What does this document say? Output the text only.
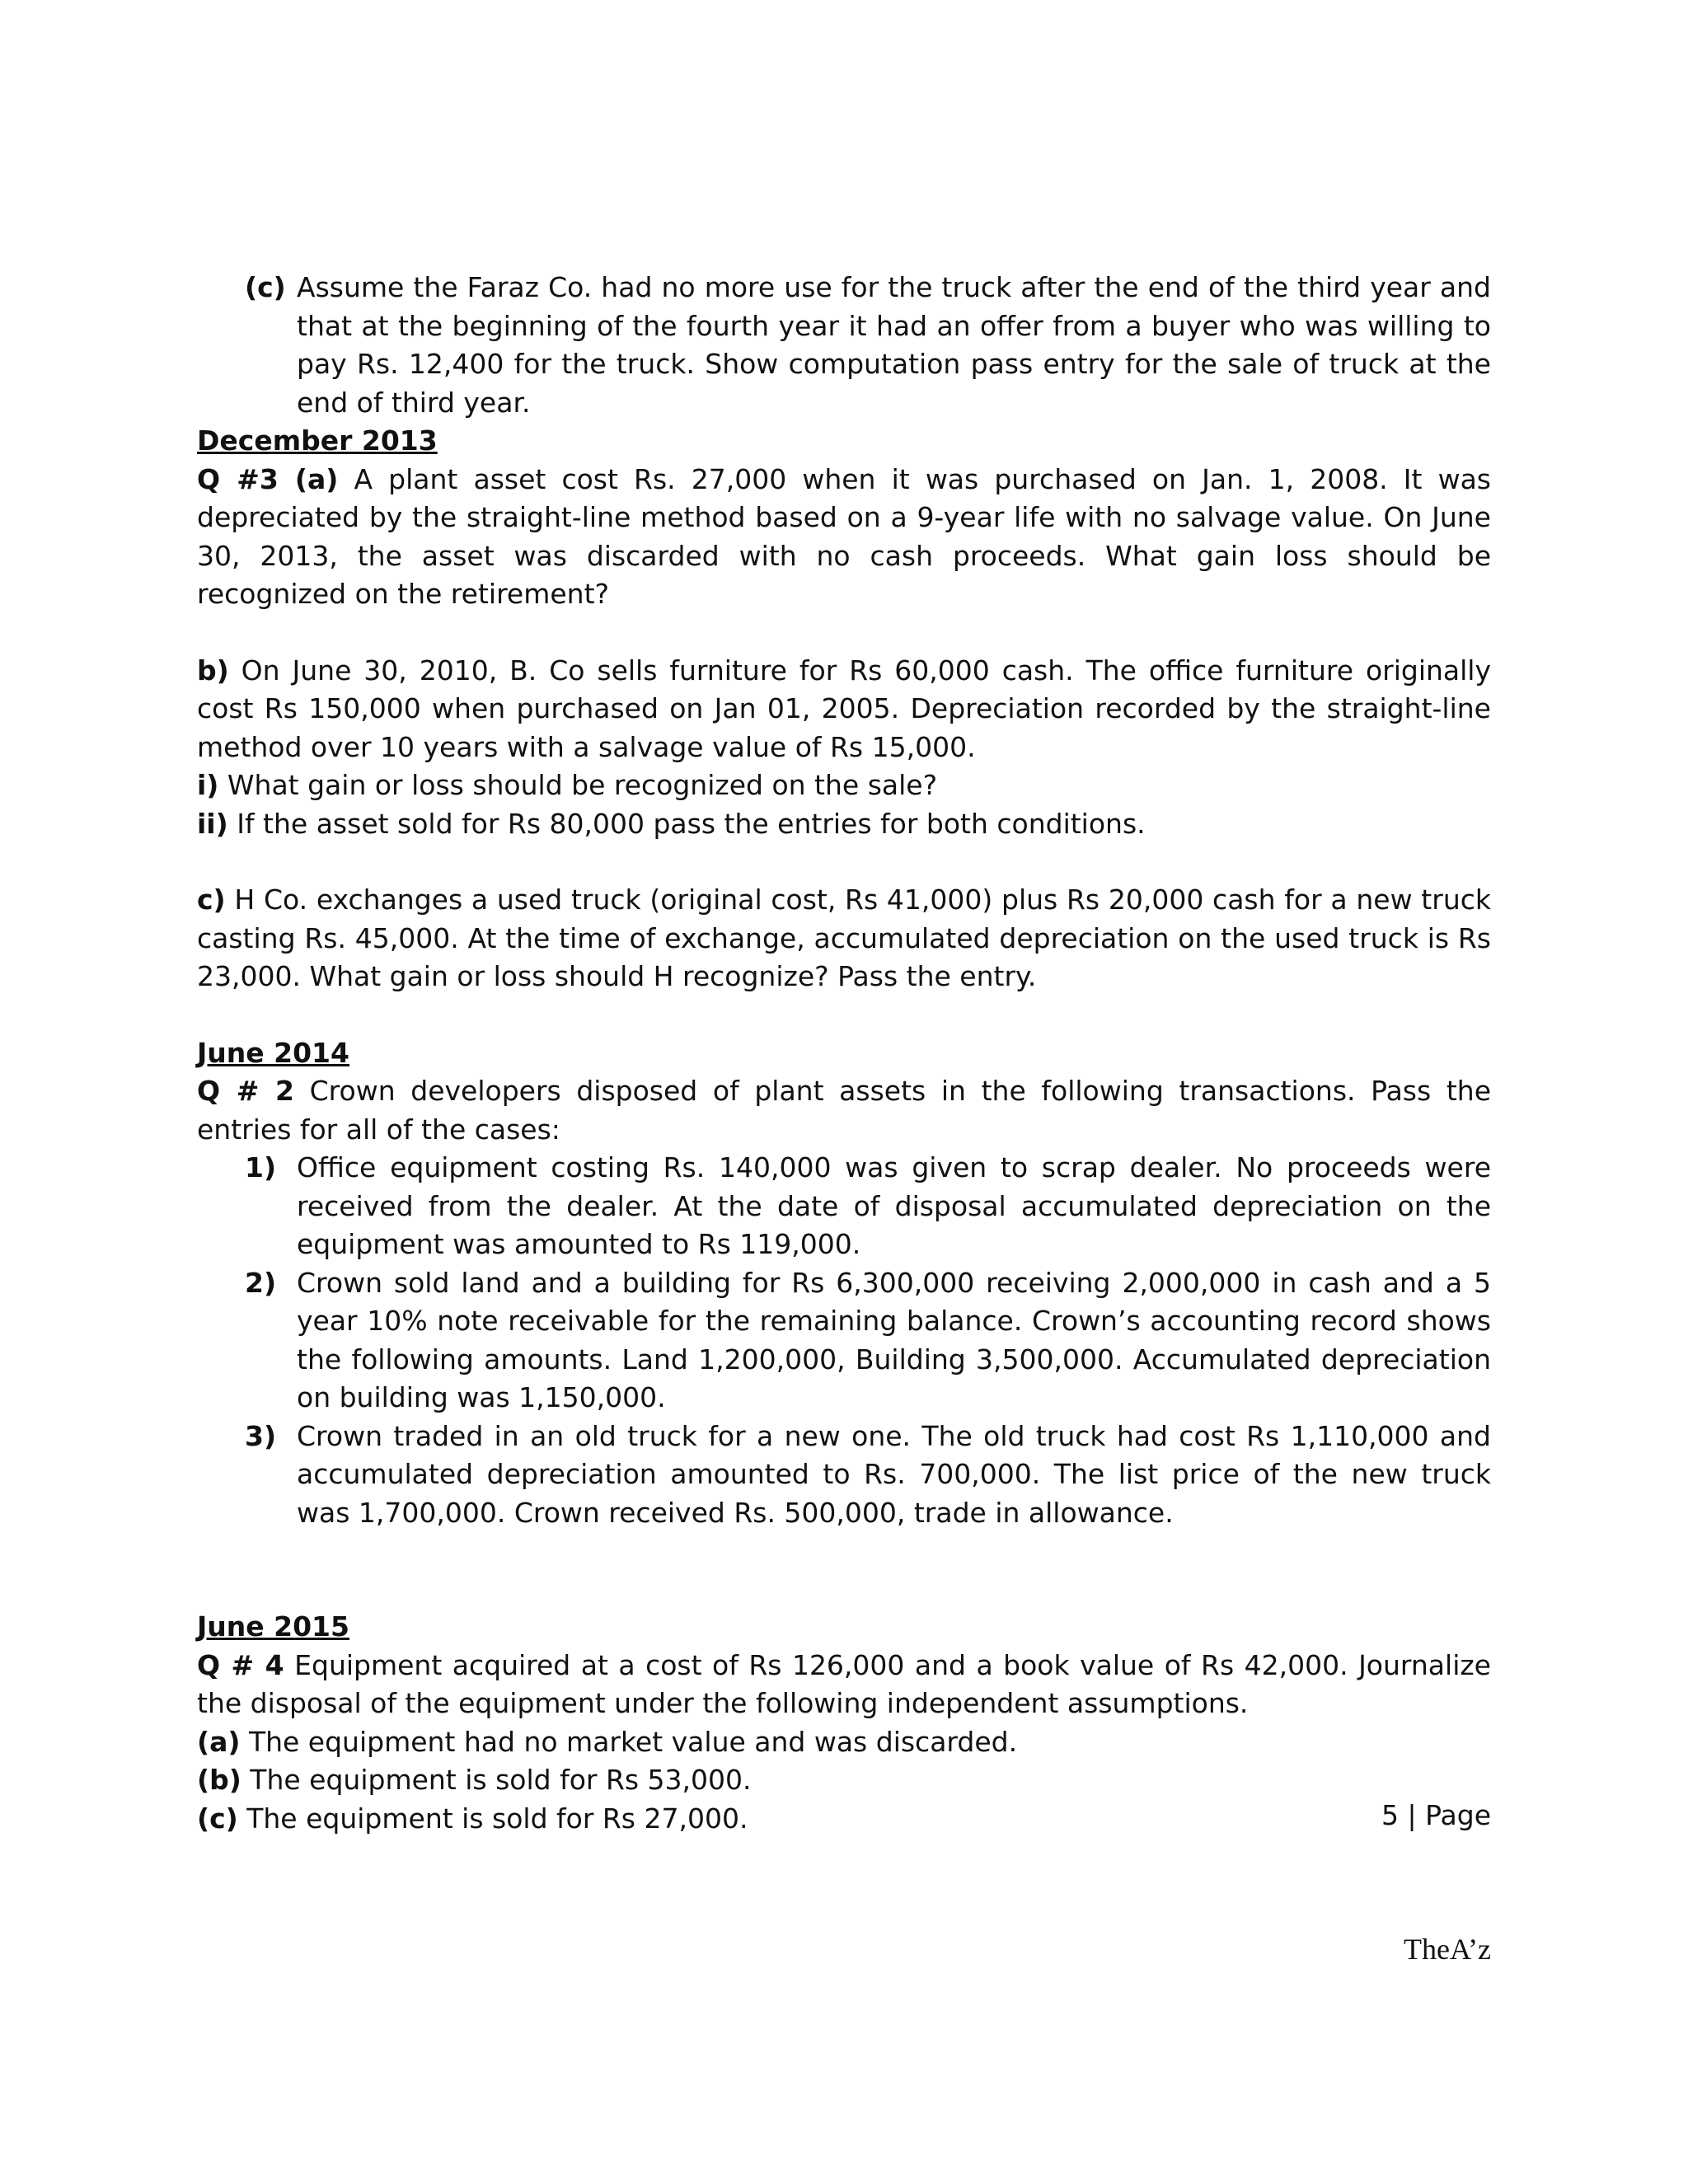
(c) Assume the Faraz Co. had no more use for the truck after the end of the third year and that at the beginning of the fourth year it had an offer from a buyer who was willing to pay Rs. 12,400 for the truck. Show computation pass entry for the sale of truck at the end of third year.

December 2013

Q #3 (a) A plant asset cost Rs. 27,000 when it was purchased on Jan. 1, 2008. It was depreciated by the straight-line method based on a 9-year life with no salvage value. On June 30, 2013, the asset was discarded with no cash proceeds. What gain loss should be recognized on the retirement?

b) On June 30, 2010, B. Co sells furniture for Rs 60,000 cash. The office furniture originally cost Rs 150,000 when purchased on Jan 01, 2005. Depreciation recorded by the straight-line method over 10 years with a salvage value of Rs 15,000.

i) What gain or loss should be recognized on the sale?

ii) If the asset sold for Rs 80,000 pass the entries for both conditions.

c) H Co. exchanges a used truck (original cost, Rs 41,000) plus Rs 20,000 cash for a new truck casting Rs. 45,000. At the time of exchange, accumulated depreciation on the used truck is Rs 23,000. What gain or loss should H recognize? Pass the entry.

June 2014

Q # 2 Crown developers disposed of plant assets in the following transactions. Pass the entries for all of the cases:

1) Office equipment costing Rs. 140,000 was given to scrap dealer. No proceeds were received from the dealer. At the date of disposal accumulated depreciation on the equipment was amounted to Rs 119,000.
2) Crown sold land and a building for Rs 6,300,000 receiving 2,000,000 in cash and a 5 year 10% note receivable for the remaining balance. Crown’s accounting record shows the following amounts. Land 1,200,000, Building 3,500,000. Accumulated depreciation on building was 1,150,000.
3) Crown traded in an old truck for a new one. The old truck had cost Rs 1,110,000 and accumulated depreciation amounted to Rs. 700,000. The list price of the new truck was 1,700,000. Crown received Rs. 500,000, trade in allowance.

June 2015

Q # 4 Equipment acquired at a cost of Rs 126,000 and a book value of Rs 42,000. Journalize the disposal of the equipment under the following independent assumptions.

(a) The equipment had no market value and was discarded.

(b) The equipment is sold for Rs 53,000.

(c) The equipment is sold for Rs 27,000.	5 | Page
TheA’z
